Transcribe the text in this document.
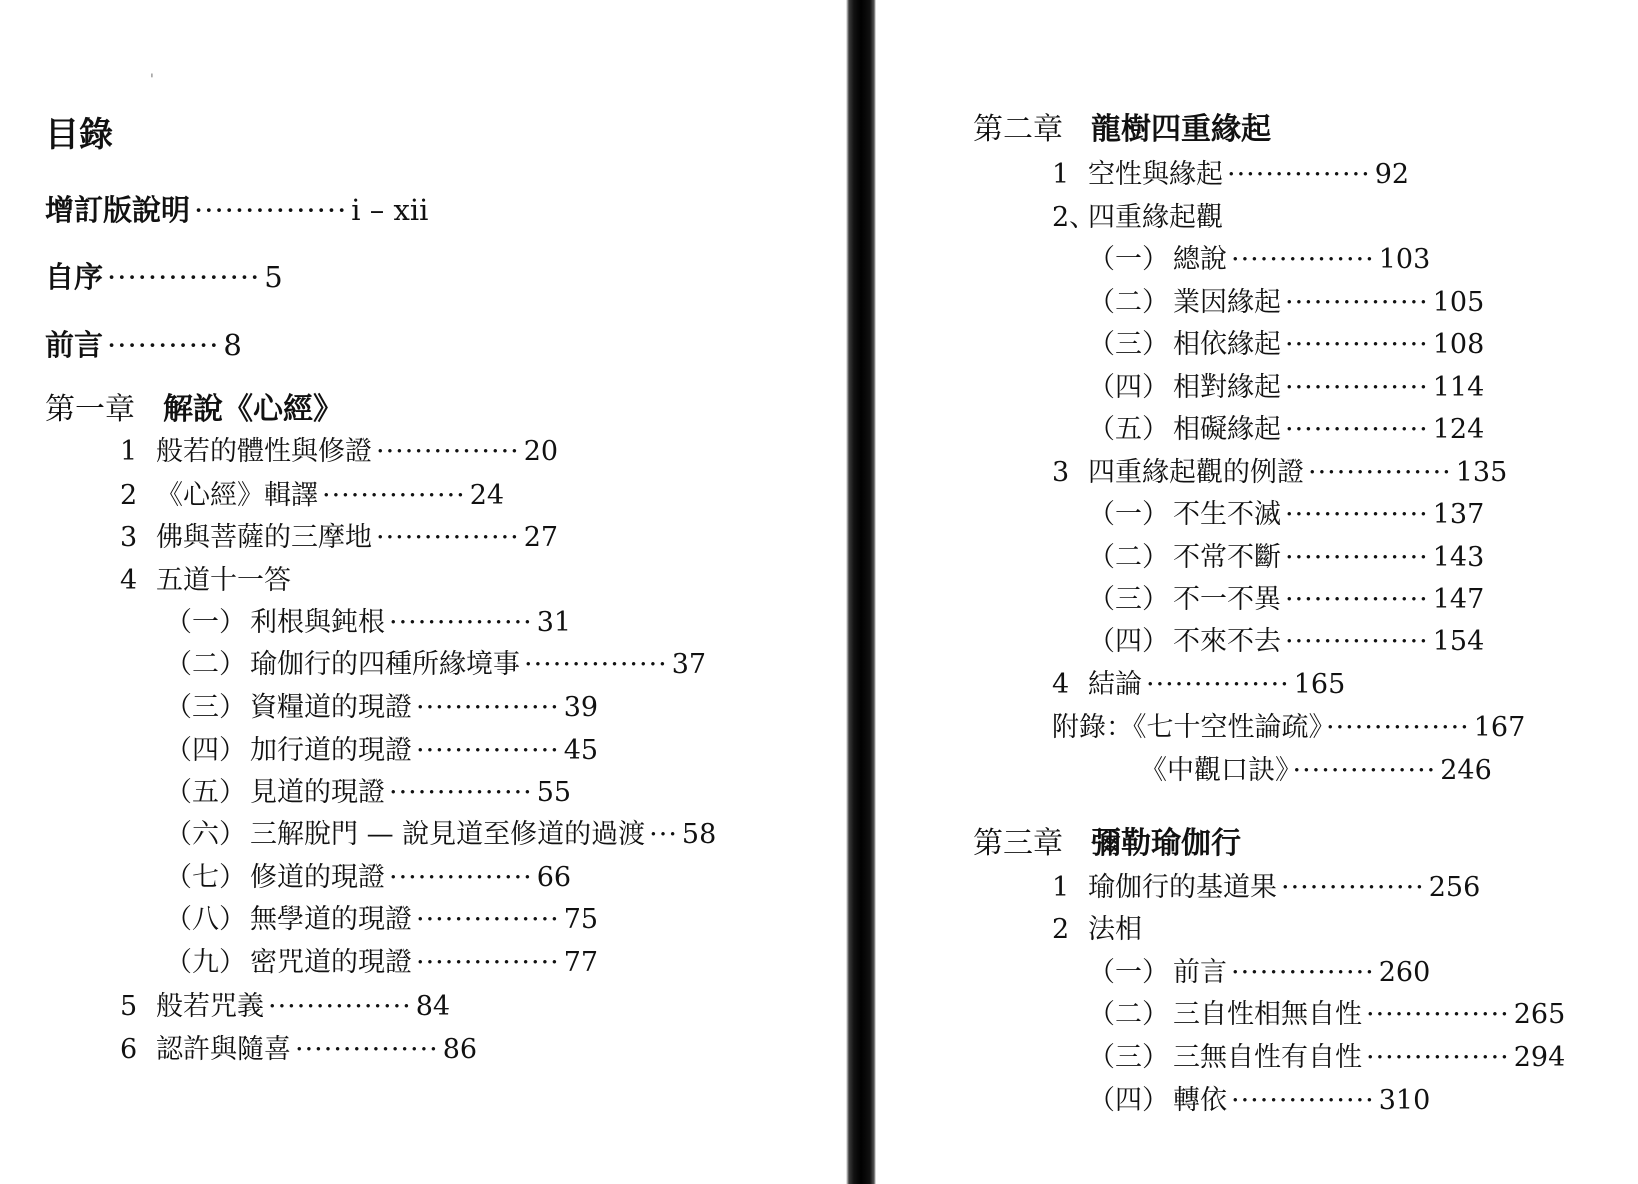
'
目錄
增訂版說明 ··············· i – xii
自序 ··············· 5
前言 ··········· 8
第一章 解說《心經》
1 般若的體性與修證 ··············· 20
2 《心經》輯譯 ··············· 24
3 佛與菩薩的三摩地 ··············· 27
4 五道十一答
（一） 利根與鈍根 ··············· 31
（二） 瑜伽行的四種所緣境事 ··············· 37
（三） 資糧道的現證 ··············· 39
（四） 加行道的現證 ··············· 45
（五） 見道的現證 ··············· 55
（六） 三解脫門 — 說見道至修道的過渡 ··· 58
（七） 修道的現證 ··············· 66
（八） 無學道的現證 ··············· 75
（九） 密咒道的現證 ··············· 77
5 般若咒義 ··············· 84
6 認許與隨喜 ··············· 86
第二章 龍樹四重緣起
1 空性與緣起 ··············· 92
2、四重緣起觀
（一） 總說 ··············· 103
（二） 業因緣起 ··············· 105
（三） 相依緣起 ··············· 108
（四） 相對緣起 ··············· 114
（五） 相礙緣起 ··············· 124
3 四重緣起觀的例證 ··············· 135
（一） 不生不滅 ··············· 137
（二） 不常不斷 ··············· 143
（三） 不一不異 ··············· 147
（四） 不來不去 ··············· 154
4 結論 ··············· 165
附錄：《七十空性論疏》 ··············· 167
《中觀口訣》 ··············· 246
第三章 彌勒瑜伽行
1 瑜伽行的基道果 ··············· 256
2 法相
（一） 前言 ··············· 260
（二） 三自性相無自性 ··············· 265
（三） 三無自性有自性 ··············· 294
（四） 轉依 ··············· 310
